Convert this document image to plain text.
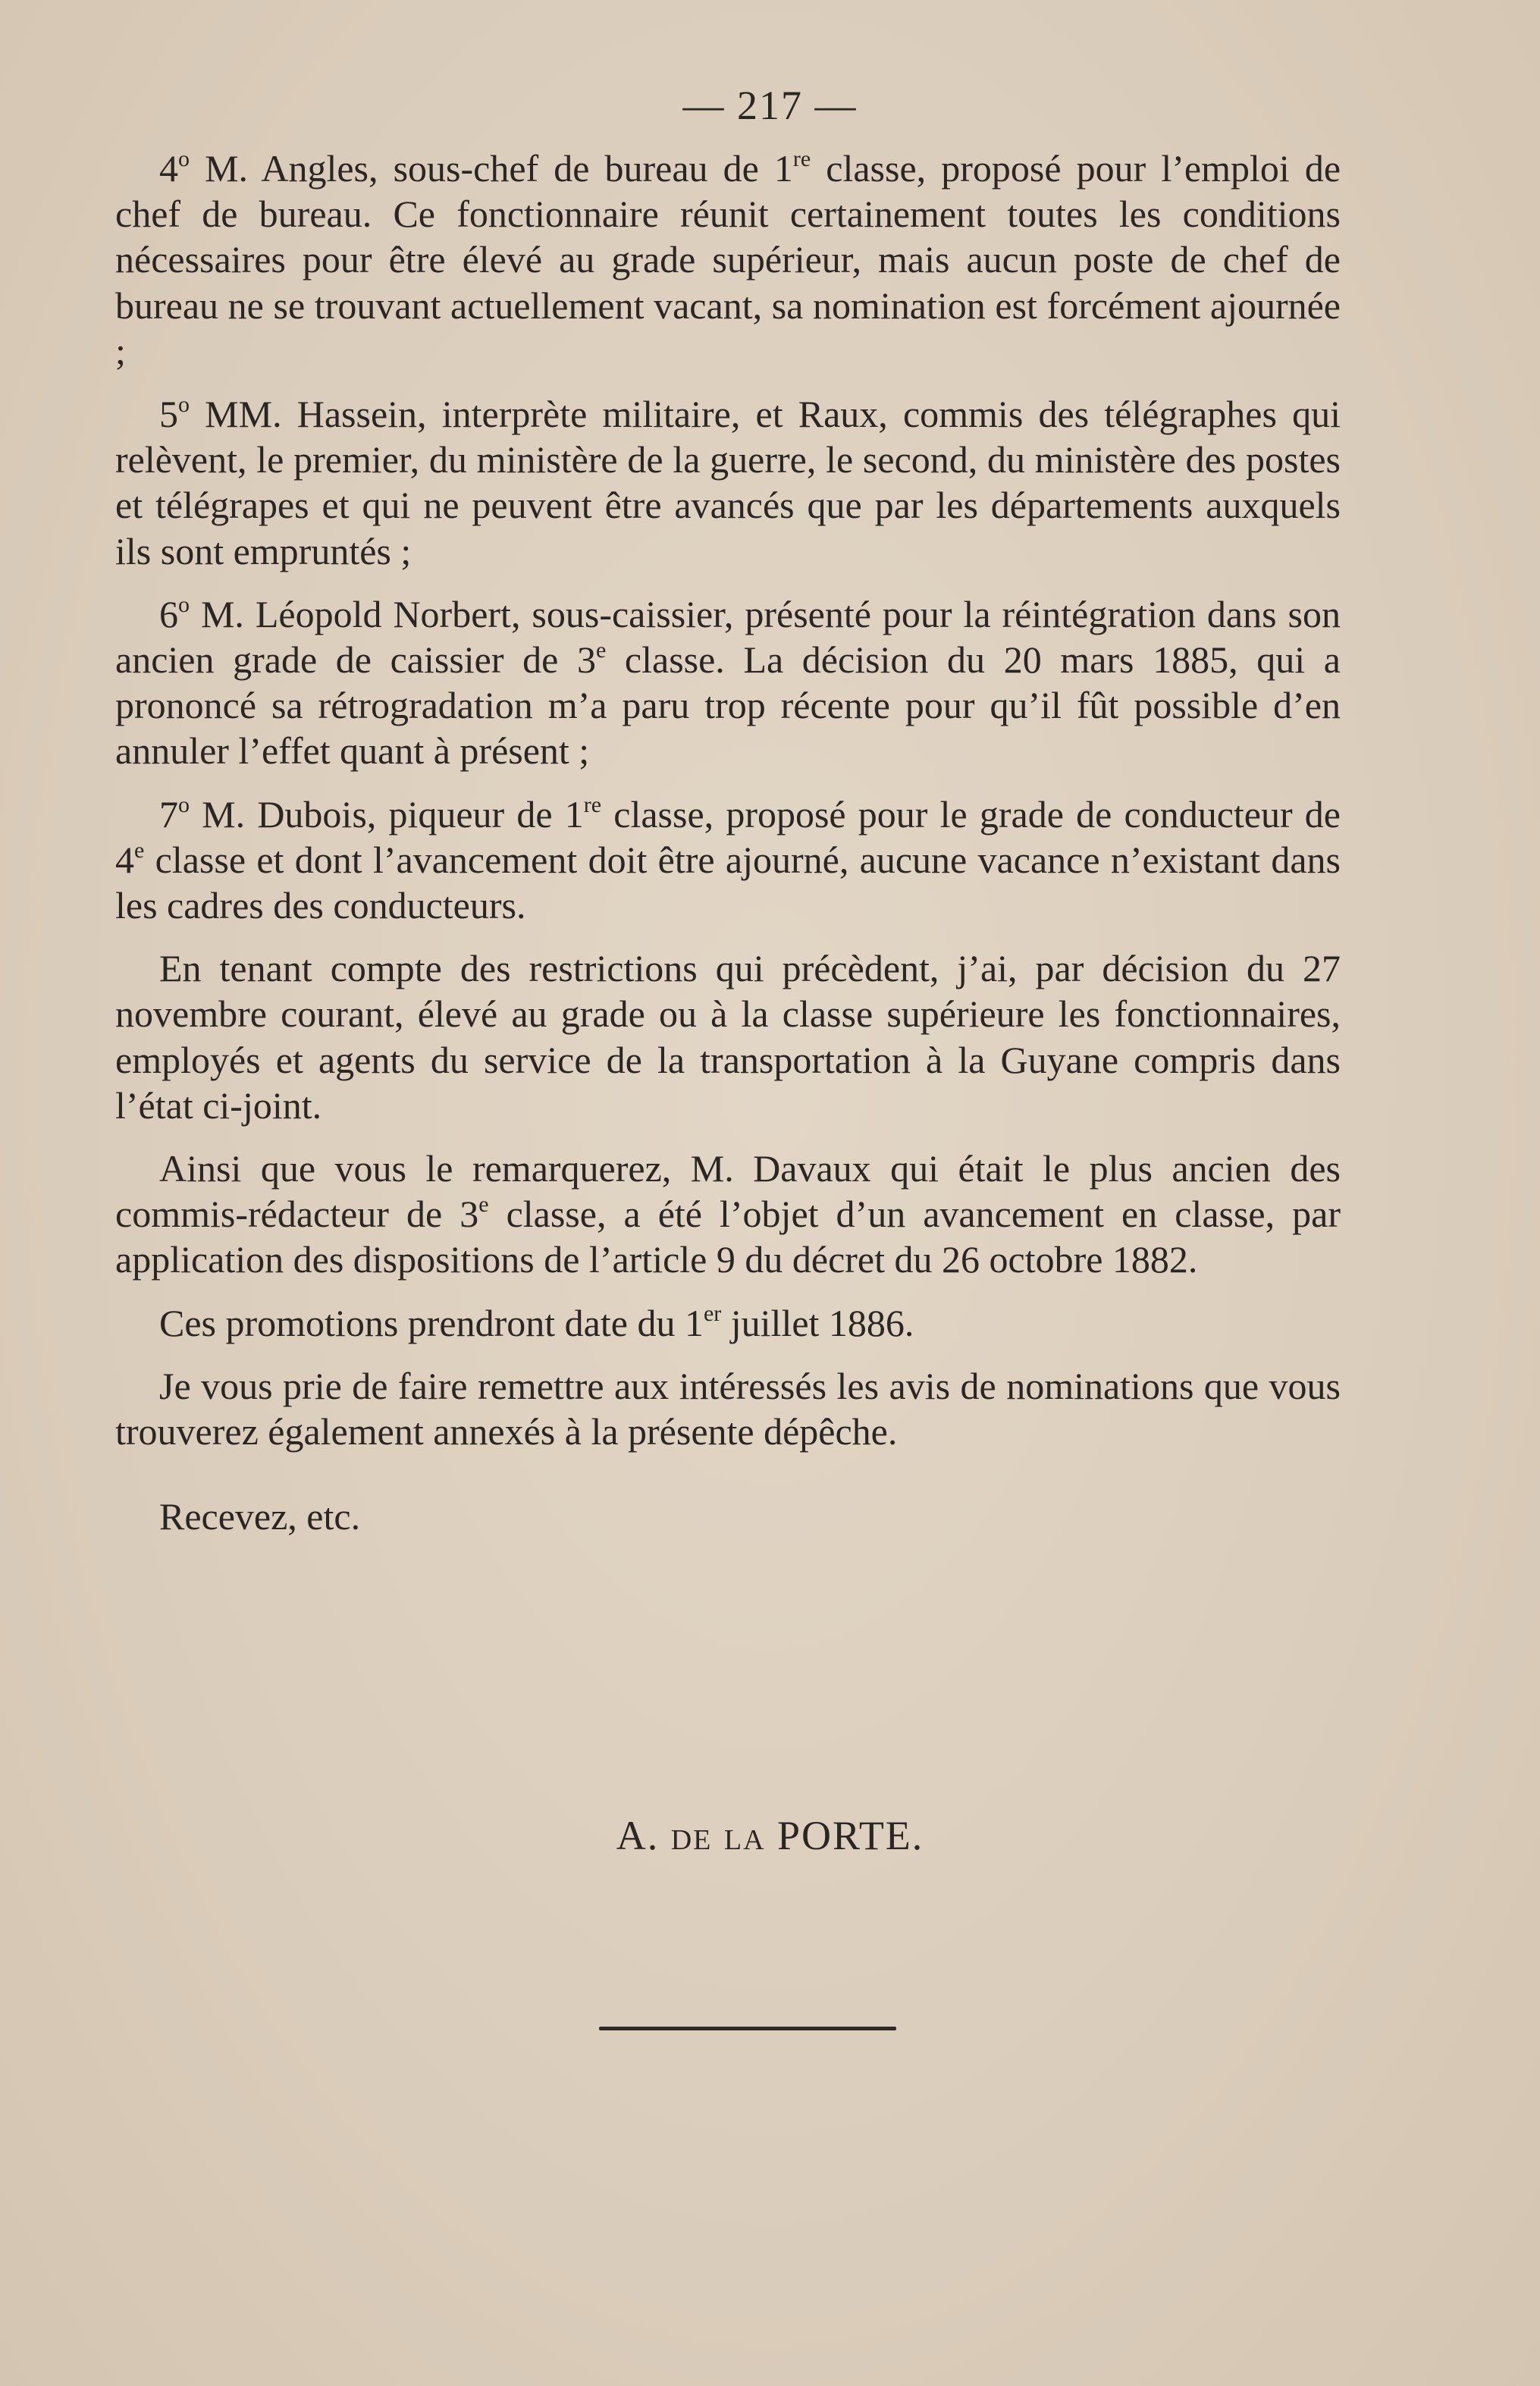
— 217 —

4$^o$ M. Angles, sous-chef de bureau de 1re classe, proposé pour l’emploi de chef de bureau. Ce fonctionnaire réunit certainement toutes les conditions nécessaires pour être élevé au grade supérieur, mais aucun poste de chef de bureau ne se trouvant actuellement vacant, sa nomination est forcément ajournée ;

5$^o$ MM. Hassein, interprète militaire, et Raux, commis des télégraphes qui relèvent, le premier, du ministère de la guerre, le second, du ministère des postes et télégrapes et qui ne peuvent être avancés que par les départements auxquels ils sont empruntés ;

6$^o$ M. Léopold Norbert, sous-caissier, présenté pour la réintégration dans son ancien grade de caissier de 3e classe. La décision du 20 mars 1885, qui a prononcé sa rétrogradation m’a paru trop récente pour qu’il fût possible d’en annuler l’effet quant à présent ;

7$^o$ M. Dubois, piqueur de 1re classe, proposé pour le grade de conducteur de 4e classe et dont l’avancement doit être ajourné, aucune vacance n’existant dans les cadres des conducteurs.

En tenant compte des restrictions qui précèdent, j’ai, par décision du 27 novembre courant, élevé au grade ou à la classe supérieure les fonctionnaires, employés et agents du service de la transportation à la Guyane compris dans l’état ci-joint.

Ainsi que vous le remarquerez, M. Davaux qui était le plus ancien des commis-rédacteur de 3e classe, a été l’objet d’un avancement en classe, par application des dispositions de l’article 9 du décret du 26 octobre 1882.

Ces promotions prendront date du 1er juillet 1886.

Je vous prie de faire remettre aux intéressés les avis de nominations que vous trouverez également annexés à la présente dépêche.

Recevez, etc.

A. DE LA PORTE.
